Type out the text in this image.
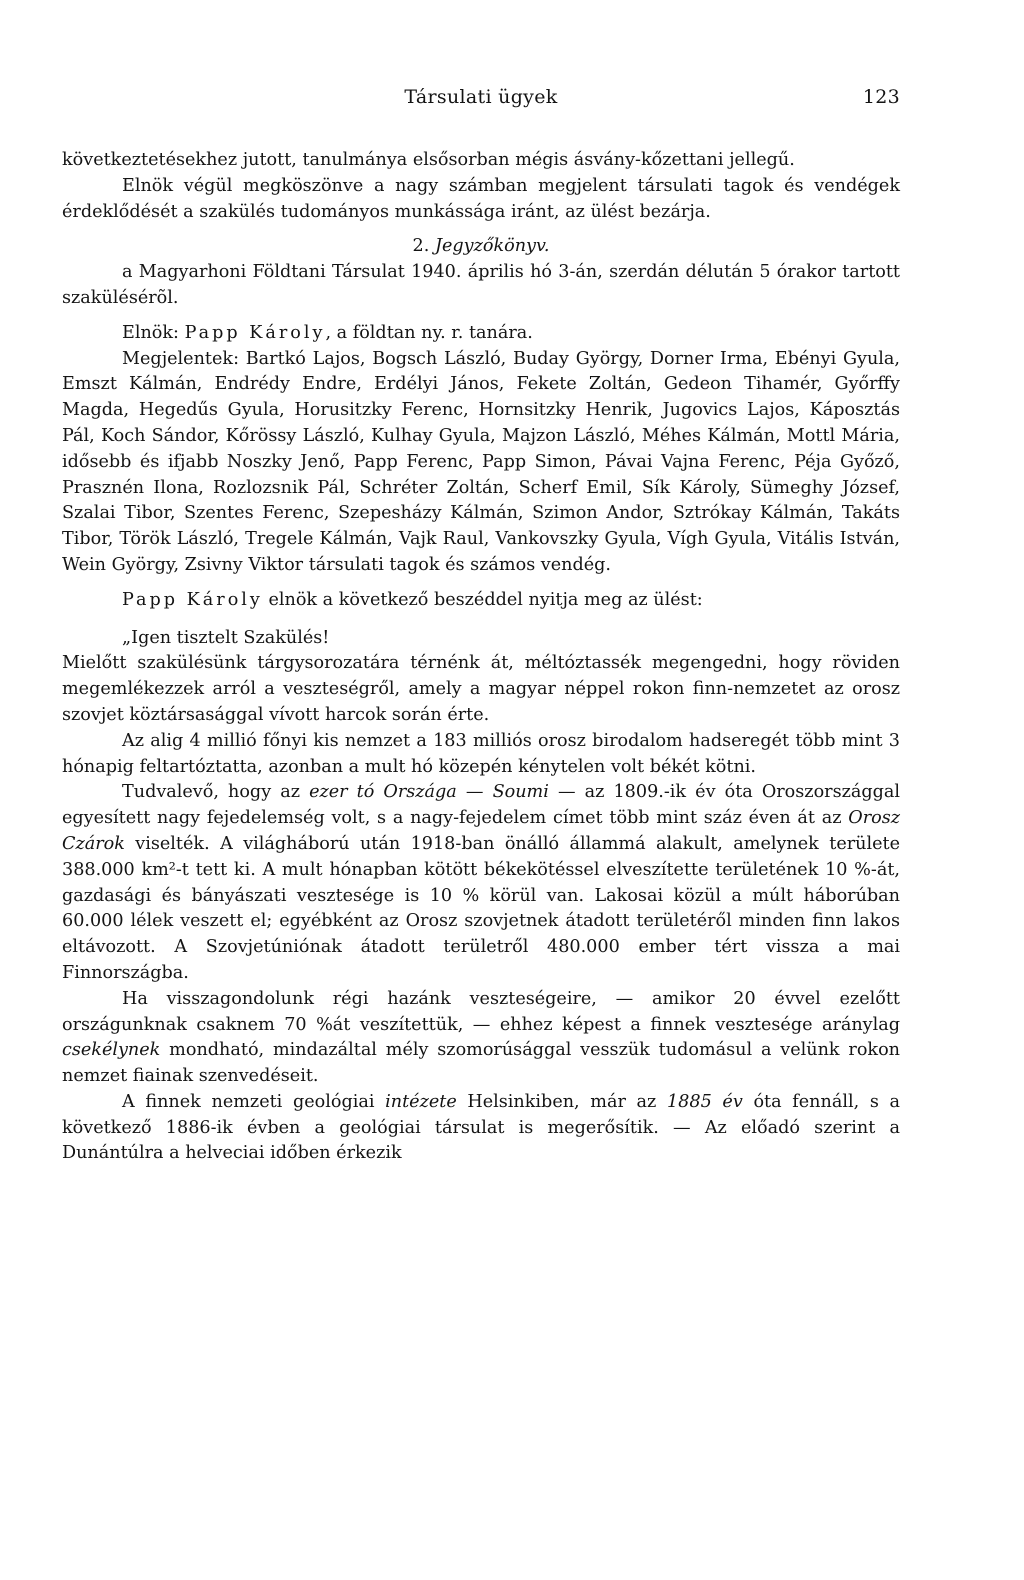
Társulati ügyek	123

következtetésekhez jutott, tanulmánya elsősorban mégis ásvány-kőzettani jellegű.

Elnök végül megköszönve a nagy számban megjelent társulati tagok és vendégek érdeklődését a szakülés tudományos munkássága iránt, az ülést bezárja.

2. Jegyzőkönyv.

a Magyarhoni Földtani Társulat 1940. április hó 3-án, szerdán délután 5 órakor tartott szakülésérõl.

Elnök: Papp Károly, a földtan ny. r. tanára.

Megjelentek: Bartkó Lajos, Bogsch László, Buday György, Dorner Irma, Ebényi Gyula, Emszt Kálmán, Endrédy Endre, Erdélyi János, Fekete Zoltán, Gedeon Tihamér, Győrffy Magda, Hegedűs Gyula, Horusitzky Ferenc, Hornsitzky Henrik, Jugovics Lajos, Káposztás Pál, Koch Sándor, Kőrössy László, Kulhay Gyula, Majzon László, Méhes Kálmán, Mottl Mária, idősebb és ifjabb Noszky Jenő, Papp Ferenc, Papp Simon, Pávai Vajna Ferenc, Péja Győző, Prasznén Ilona, Rozlozsnik Pál, Schréter Zoltán, Scherf Emil, Sík Károly, Sümeghy József, Szalai Tibor, Szentes Ferenc, Szepesházy Kálmán, Szimon Andor, Sztrókay Kálmán, Takáts Tibor, Török László, Tregele Kálmán, Vajk Raul, Vankovszky Gyula, Vígh Gyula, Vitális István, Wein György, Zsivny Viktor társulati tagok és számos vendég.

Papp Károly elnök a következő beszéddel nyitja meg az ülést:

„Igen tisztelt Szakülés!

Mielőtt szakülésünk tárgysorozatára térnénk át, méltóztassék megengedni, hogy röviden megemlékezzek arról a veszteségről, amely a magyar néppel rokon finn-nemzetet az orosz szovjet köztársasággal vívott harcok során érte.

Az alig 4 millió főnyi kis nemzet a 183 milliós orosz birodalom hadseregét több mint 3 hónapig feltartóztatta, azonban a mult hó közepén kénytelen volt békét kötni.

Tudvalevő, hogy az ezer tó Országa — Soumi — az 1809.-ik év óta Oroszországgal egyesített nagy fejedelemség volt, s a nagy-fejedelem címet több mint száz éven át az Orosz Czárok viselték. A világháború után 1918-ban önálló állammá alakult, amelynek területe 388.000 km²-t tett ki. A mult hónapban kötött békekötéssel elveszítette területének 10 %-át, gazdasági és bányászati vesztesége is 10 % körül van. Lakosai közül a múlt háborúban 60.000 lélek veszett el; egyébként az Orosz szovjetnek átadott területéről minden finn lakos eltávozott. A Szovjetúniónak átadott területről 480.000 ember tért vissza a mai Finnországba.

Ha visszagondolunk régi hazánk veszteségeire, — amikor 20 évvel ezelőtt országunknak csaknem 70 %át veszítettük, — ehhez képest a finnek vesztesége aránylag csekélynek mondható, mindazáltal mély szomorúsággal vesszük tudomásul a velünk rokon nemzet fiainak szenvedéseit.

A finnek nemzeti geológiai intézete Helsinkiben, már az 1885 év óta fennáll, s a következő 1886-ik évben a geológiai társulat is megerősítik. — Az előadó szerint a Dunántúlra a helveciai időben érkezik
